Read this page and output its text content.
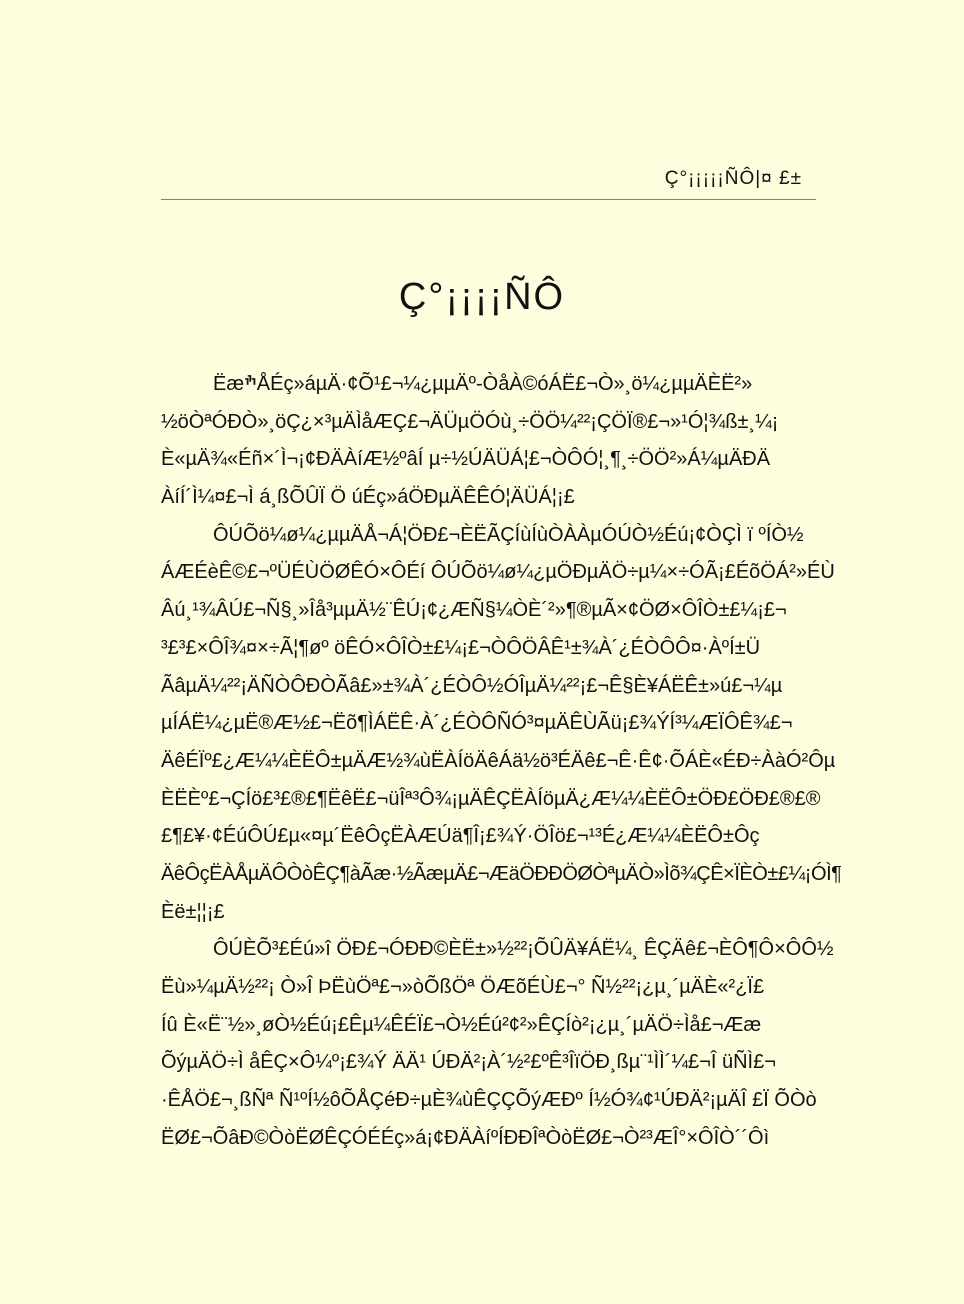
Ç°¡¡¡¡¡ÑÔ|¤ £±
Ç°¡¡¡¡ÑÔ
ËæׯÅÉç»áµÄ·¢Õ¹£¬¼¿µµÄº-ÒåÀ©óÁË£¬Ò»¸ö¼¿µµÄÈË²»
½öÒªÓÐÒ»¸öÇ¿×³µÄÌåÆÇ£¬ÄÜµÖÓù¸÷ÖÖ¼²²¡ÇÖÏ®£¬»¹Ó¦¾ß±¸¼¡
È«µÄ¾«Éñ×´Ì¬¡¢ÐÄÀíÆ½ºâÍ µ÷½ÚÄÜÁ¦£¬ÒÔÓ¦¸¶¸÷ÖÖ²»Á¼µÄÐÄ
ÀíÍ´Ì¼¤£¬Ì á¸ßÕÛÏ Ö úÉç»áÖÐµÄÊÊÓ¦ÄÜÁ¦¡£
ÔÚÕö¼ø¼¿µµÄÅ¬Á¦ÖÐ£¬ÈËÃÇÍùÍùÒÀÀµÓÚÒ½Éú¡¢ÒÇÌ ï ºÍÒ½
ÁÆÉèÊ©£¬ºÜÉÙÖØÊÓ×ÔÉí ÔÚÕö¼ø¼¿µÖÐµÄÖ÷µ¼×÷ÓÃ¡£ÉõÖÁ²»ÉÙ
Âú¸¹¾ÂÚ£¬Ñ§¸»Îå³µµÄ½¨ÊÚ¡¢¿ÆÑ§¼ÒÈ´²»¶®µÃ×¢ÖØ×ÔÎÒ±£¼¡£¬
³£³£×ÔÎ¾¤×÷Ã¦¶øº öÊÓ×ÔÎÒ±£¼¡£¬ÒÔÖÂÊ¹±¾À´¿ÉÒÔÔ¤·ÀºÍ±Ü
ÃâµÄ¼²²¡ÄÑÒÔÐÒÃâ£»±¾À´¿ÉÒÔ½ÓÎµÄ¼²²¡£¬Ê§È¥ÁËÊ±»ú£¬¼µ
µÍÁË¼¿µË®Æ½£¬Ëõ¶ÌÁËÊ·À´¿ÉÒÔÑÓ³¤µÄÊÙÃü¡£¾ÝÍ³¼ÆÏÔÊ¾£¬
ÄêÉÏº£¿Æ¼¼ÈËÔ±µÄÆ½¾ùËÀÍöÄêÁä½ö³ÉÄê£¬Ê·Ê¢·ÕÁÈ«ÉÐ÷ÀàÓ²Ôµ
ÈËÈº£¬ÇÍö£³£®£¶ËêË£¬üÎª³Ô¾¡µÄÊÇËÀÍöµÄ¿Æ¼¼ÈËÔ±ÖÐ£ÖÐ£®£®
£¶£¥·¢ÉúÔÚ£µ«¤µ´ËêÔçËÀÆÚä¶Î¡£¾Ý·ÖÎö£¬¹³É¿Æ¼¼ÈËÔ±Ôç
ÄêÔçËÀÅµÄÔÒòÊÇ¶àÃæ·½ÃæµÄ£¬ÆäÖÐÐÖØÒªµÄÒ»Ìõ¾ÇÊ×ÏÈÒ±£¼¡ÓÌ¶
Èë±¦¦¡£
ÔÚÈÕ³£Éú»î ÖÐ£¬ÓÐÐ©ÈË±»½²²¡ÕÛÄ¥ÁË¼¸ ÊÇÄê£¬ÈÔ¶Ô×ÔÔ½
Ëù»¼µÄ½²²¡ Ò»Î ÞËùÖª£¬»òÕßÖª ÖÆõÉÙ£¬° Ñ½²²¡¿µ¸´µÄÈ«²¿Ï£
Íû È«Ë¨½»¸øÒ½Éú¡£Êµ¼ÊÉÏ£¬Ò½Éú²¢²»ÊÇÍò²¡¿µ¸´µÄÖ÷Ìå£¬Ææ
ÕýµÄÖ÷Ì åÊÇ×Ô¼º¡£¾Ý ÄÄ¹ ÚÐÄ²¡À´½²£ºÊ³ÎïÖÐ¸ßµ¨¹ÌÌ´¼£¬Î üÑÌ£¬
·ÊÅÖ£¬¸ßÑª Ñ¹ºÍ½ôÕÅÇéÐ÷µÈ¾ùÊÇÇÕýÆÐº Í½Ó¾¢¹ÚÐÄ²¡µÄÎ £Ï ÕÒò
ËØ£¬ÕâÐ©ÒòËØÊÇÓÉÉç»á¡¢ÐÄÀíºÍÐÐÎªÒòËØ£¬Ò²³ÆÎ°×ÔÎÒ´´Ôì
